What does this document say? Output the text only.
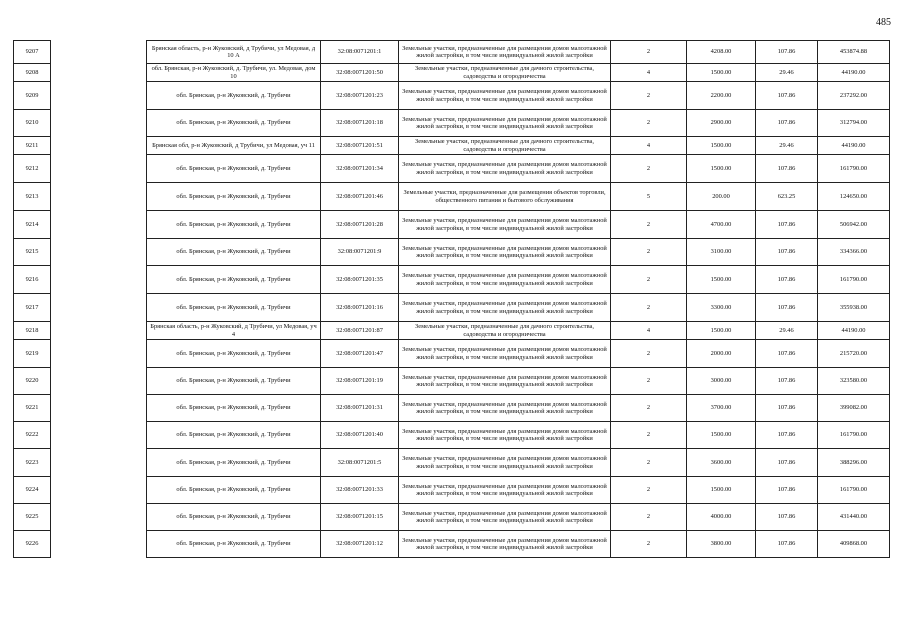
485
9207		Брянская область, р-н Жуковский, д Трубичи, ул Медовая, д 10 А	32:08:0071201:1	Земельные участки, предназначенные для размещения домов малоэтажной жилой застройки, в том числе индивидуальной жилой застройки	2	4208.00	107.86	453874.88
9208		обл. Брянская, р-н Жуковский, д. Трубичи, ул. Медовая, дом 10	32:08:0071201:50	Земельные участки, предназначенные для дачного строительства, садоводства и огородничества	4	1500.00	29.46	44190.00
9209		обл. Брянская, р-н Жуковский, д. Трубичи	32:08:0071201:23	Земельные участки, предназначенные для размещения домов малоэтажной жилой застройки, в том числе индивидуальной жилой застройки	2	2200.00	107.86	237292.00
9210		обл. Брянская, р-н Жуковский, д. Трубичи	32:08:0071201:18	Земельные участки, предназначенные для размещения домов малоэтажной жилой застройки, в том числе индивидуальной жилой застройки	2	2900.00	107.86	312794.00
9211		Брянская обл, р-н Жуковский, д Трубичи, ул Медовая, уч 11	32:08:0071201:51	Земельные участки, предназначенные для дачного строительства, садоводства и огородничества	4	1500.00	29.46	44190.00
9212		обл. Брянская, р-н Жуковский, д. Трубичи	32:08:0071201:34	Земельные участки, предназначенные для размещения домов малоэтажной жилой застройки, в том числе индивидуальной жилой застройки	2	1500.00	107.86	161790.00
9213		обл. Брянская, р-н Жуковский, д. Трубичи	32:08:0071201:46	Земельные участки, предназначенные для размещения объектов торговли, общественного питания и бытового обслуживания	5	200.00	623.25	124650.00
9214		обл. Брянская, р-н Жуковский, д. Трубичи	32:08:0071201:28	Земельные участки, предназначенные для размещения домов малоэтажной жилой застройки, в том числе индивидуальной жилой застройки	2	4700.00	107.86	506942.00
9215		обл. Брянская, р-н Жуковский, д. Трубичи	32:08:0071201:9	Земельные участки, предназначенные для размещения домов малоэтажной жилой застройки, в том числе индивидуальной жилой застройки	2	3100.00	107.86	334366.00
9216		обл. Брянская, р-н Жуковский, д. Трубичи	32:08:0071201:35	Земельные участки, предназначенные для размещения домов малоэтажной жилой застройки, в том числе индивидуальной жилой застройки	2	1500.00	107.86	161790.00
9217		обл. Брянская, р-н Жуковский, д. Трубичи	32:08:0071201:16	Земельные участки, предназначенные для размещения домов малоэтажной жилой застройки, в том числе индивидуальной жилой застройки	2	3300.00	107.86	355938.00
9218		Брянская область, р-н Жуковский, д Трубичи, ул Медовая, уч 4	32:08:0071201:87	Земельные участки, предназначенные для дачного строительства, садоводства и огородничества	4	1500.00	29.46	44190.00
9219		обл. Брянская, р-н Жуковский, д. Трубичи	32:08:0071201:47	Земельные участки, предназначенные для размещения домов малоэтажной жилой застройки, в том числе индивидуальной жилой застройки	2	2000.00	107.86	215720.00
9220		обл. Брянская, р-н Жуковский, д. Трубичи	32:08:0071201:19	Земельные участки, предназначенные для размещения домов малоэтажной жилой застройки, в том числе индивидуальной жилой застройки	2	3000.00	107.86	323580.00
9221		обл. Брянская, р-н Жуковский, д. Трубичи	32:08:0071201:31	Земельные участки, предназначенные для размещения домов малоэтажной жилой застройки, в том числе индивидуальной жилой застройки	2	3700.00	107.86	399082.00
9222		обл. Брянская, р-н Жуковский, д. Трубичи	32:08:0071201:40	Земельные участки, предназначенные для размещения домов малоэтажной жилой застройки, в том числе индивидуальной жилой застройки	2	1500.00	107.86	161790.00
9223		обл. Брянская, р-н Жуковский, д. Трубичи	32:08:0071201:5	Земельные участки, предназначенные для размещения домов малоэтажной жилой застройки, в том числе индивидуальной жилой застройки	2	3600.00	107.86	388296.00
9224		обл. Брянская, р-н Жуковский, д. Трубичи	32:08:0071201:33	Земельные участки, предназначенные для размещения домов малоэтажной жилой застройки, в том числе индивидуальной жилой застройки	2	1500.00	107.86	161790.00
9225		обл. Брянская, р-н Жуковский, д. Трубичи	32:08:0071201:15	Земельные участки, предназначенные для размещения домов малоэтажной жилой застройки, в том числе индивидуальной жилой застройки	2	4000.00	107.86	431440.00
9226		обл. Брянская, р-н Жуковский, д. Трубичи	32:08:0071201:12	Земельные участки, предназначенные для размещения домов малоэтажной жилой застройки, в том числе индивидуальной жилой застройки	2	3800.00	107.86	409868.00
